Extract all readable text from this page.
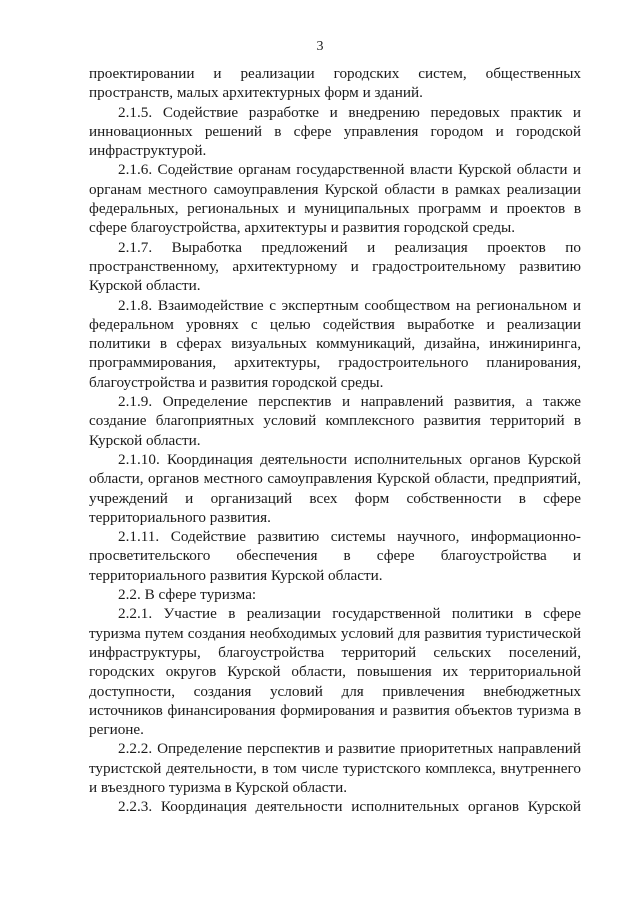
3

проектировании и реализации городских систем, общественных пространств, малых архитектурных форм и зданий.

2.1.5. Содействие разработке и внедрению передовых практик и инновационных решений в сфере управления городом и городской инфраструктурой.

2.1.6. Содействие органам государственной власти Курской области и органам местного самоуправления Курской области в рамках реализации федеральных, региональных и муниципальных программ и проектов в сфере благоустройства, архитектуры и развития городской среды.

2.1.7. Выработка предложений и реализация проектов по пространственному, архитектурному и градостроительному развитию Курской области.

2.1.8. Взаимодействие с экспертным сообществом на региональном и федеральном уровнях с целью содействия выработке и реализации политики в сферах визуальных коммуникаций, дизайна, инжиниринга, программирования, архитектуры, градостроительного планирования, благоустройства и развития городской среды.

2.1.9. Определение перспектив и направлений развития, а также создание благоприятных условий комплексного развития территорий в Курской области.

2.1.10. Координация деятельности исполнительных органов Курской области, органов местного самоуправления Курской области, предприятий, учреждений и организаций всех форм собственности в сфере территориального развития.

2.1.11. Содействие развитию системы научного, информационно-просветительского обеспечения в сфере благоустройства и территориального развития Курской области.

2.2. В сфере туризма:

2.2.1. Участие в реализации государственной политики в сфере туризма путем создания необходимых условий для развития туристической инфраструктуры, благоустройства территорий сельских поселений, городских округов Курской области, повышения их территориальной доступности, создания условий для привлечения внебюджетных источников финансирования формирования и развития объектов туризма в регионе.

2.2.2. Определение перспектив и развитие приоритетных направлений туристской деятельности, в том числе туристского комплекса, внутреннего и въездного туризма в Курской области.

2.2.3. Координация деятельности исполнительных органов Курской
